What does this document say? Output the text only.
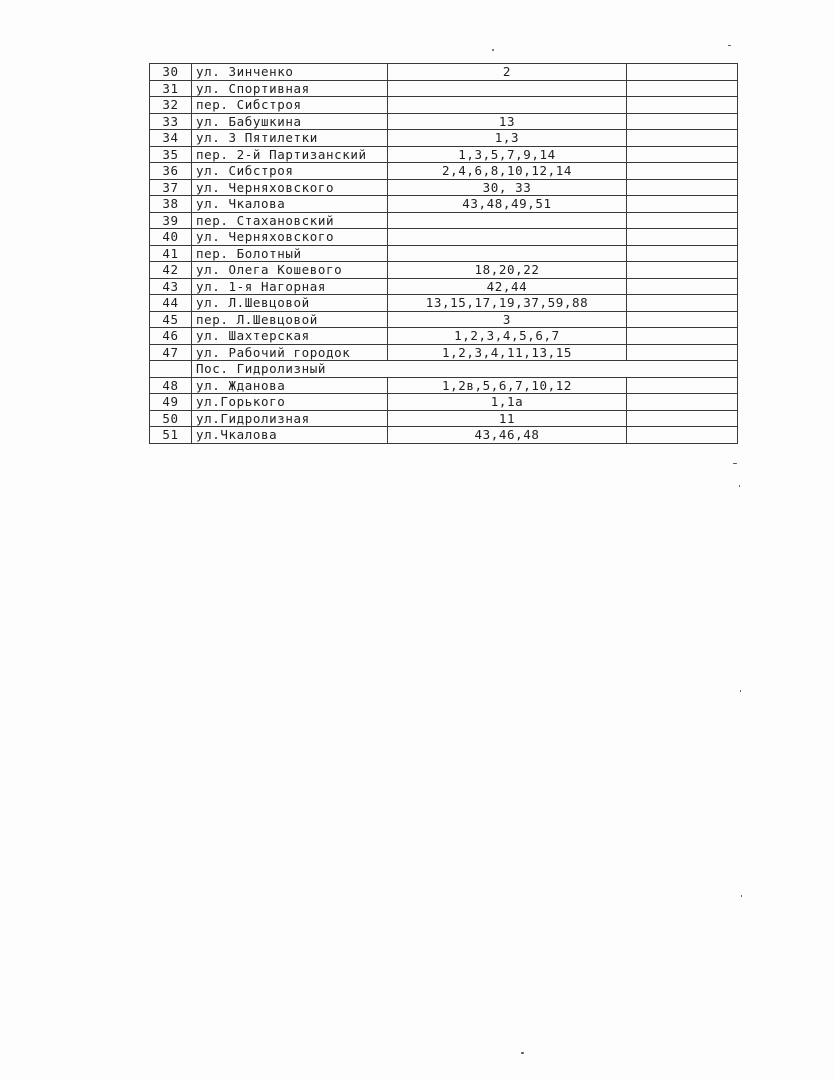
30	ул. Зинченко	2	
31	ул. Спортивная		
32	пер. Сибстроя		
33	ул. Бабушкина	13	
34	ул. 3 Пятилетки	1,3	
35	пер. 2-й Партизанский	1,3,5,7,9,14	
36	ул. Сибстроя	2,4,6,8,10,12,14	
37	ул. Черняховского	30, 33	
38	ул. Чкалова	43,48,49,51	
39	пер. Стахановский		
40	ул. Черняховского		
41	пер. Болотный		
42	ул. Олега Кошевого	18,20,22	
43	ул. 1-я Нагорная	42,44	
44	ул. Л.Шевцовой	13,15,17,19,37,59,88	
45	пер. Л.Шевцовой	3	
46	ул. Шахтерская	1,2,3,4,5,6,7	
47	ул. Рабочий городок	1,2,3,4,11,13,15	
	Пос. Гидролизный		
48	ул. Жданова	1,2в,5,6,7,10,12	
49	ул.Горького	1,1а	
50	ул.Гидролизная	11	
51	ул.Чкалова	43,46,48	
